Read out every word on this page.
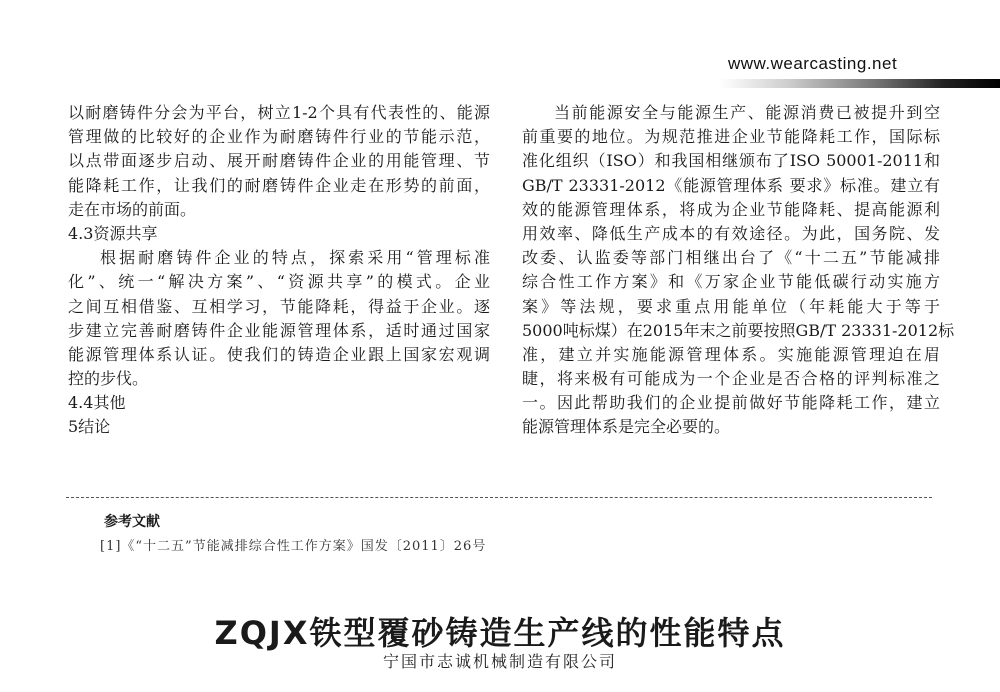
www.wearcasting.net
以耐磨铸件分会为平台，树立1-2个具有代表性的、能源
管理做的比较好的企业作为耐磨铸件行业的节能示范，
以点带面逐步启动、展开耐磨铸件企业的用能管理、节
能降耗工作，让我们的耐磨铸件企业走在形势的前面，
走在市场的前面。
4.3资源共享
根据耐磨铸件企业的特点，探索采用“管理标准
化”、统一“解决方案”、“资源共享”的模式。企业
之间互相借鉴、互相学习，节能降耗，得益于企业。逐
步建立完善耐磨铸件企业能源管理体系，适时通过国家
能源管理体系认证。使我们的铸造企业跟上国家宏观调
控的步伐。
4.4其他
5结论
当前能源安全与能源生产、能源消费已被提升到空
前重要的地位。为规范推进企业节能降耗工作，国际标
准化组织（ISO）和我国相继颁布了ISO 50001-2011和
GB/T 23331-2012《能源管理体系 要求》标准。建立有
效的能源管理体系，将成为企业节能降耗、提高能源利
用效率、降低生产成本的有效途径。为此，国务院、发
改委、认监委等部门相继出台了《“十二五”节能减排
综合性工作方案》和《万家企业节能低碳行动实施方
案》等法规，要求重点用能单位（年耗能大于等于
5000吨标煤）在2015年末之前要按照GB/T 23331-2012标
准，建立并实施能源管理体系。实施能源管理迫在眉
睫，将来极有可能成为一个企业是否合格的评判标准之
一。因此帮助我们的企业提前做好节能降耗工作，建立
能源管理体系是完全必要的。
参考文献
[1]《“十二五”节能减排综合性工作方案》国发〔2011〕26号
ZQJX铁型覆砂铸造生产线的性能特点
宁国市志诚机械制造有限公司
